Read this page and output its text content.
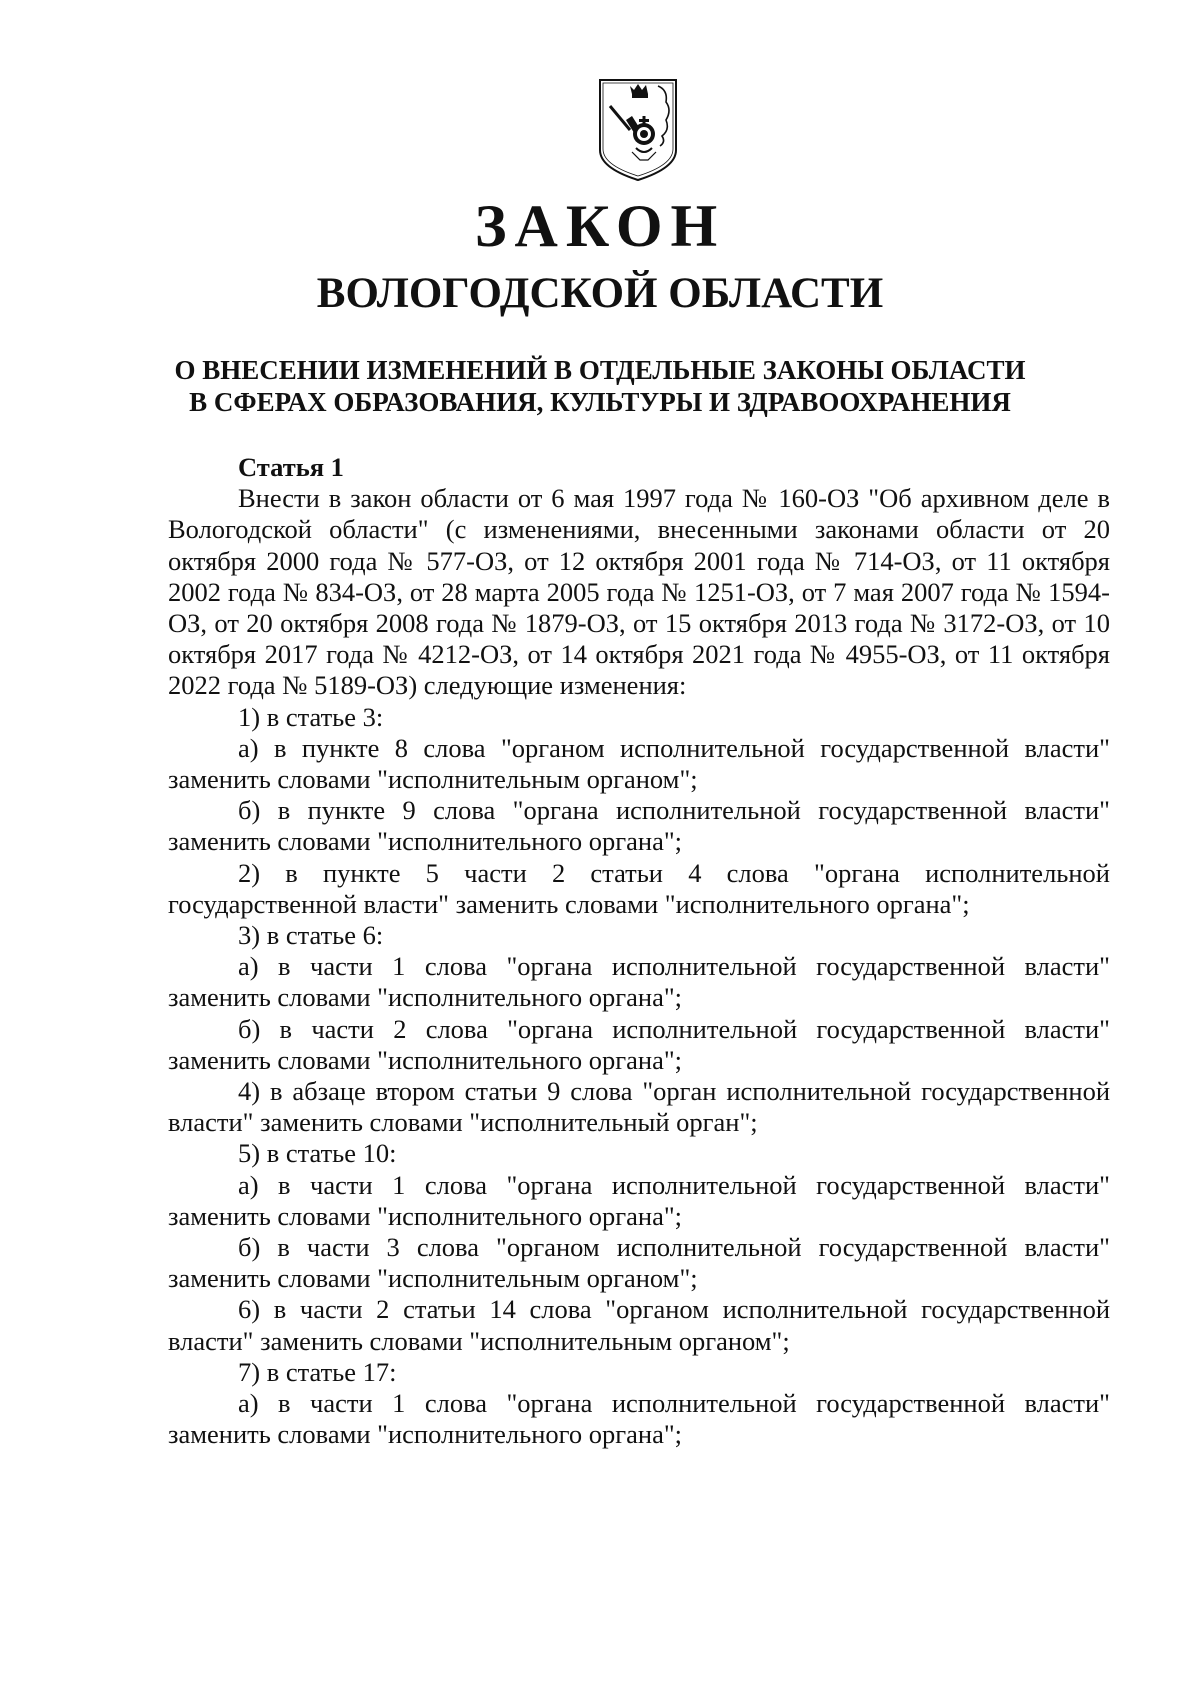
ЗАКОН
ВОЛОГОДСКОЙ ОБЛАСТИ
О ВНЕСЕНИИ ИЗМЕНЕНИЙ В ОТДЕЛЬНЫЕ ЗАКОНЫ ОБЛАСТИ
В СФЕРАХ ОБРАЗОВАНИЯ, КУЛЬТУРЫ И ЗДРАВООХРАНЕНИЯ

Статья 1

Внести в закон области от 6 мая 1997 года № 160-ОЗ "Об архивном деле в Вологодской области" (с изменениями, внесенными законами области от 20 октября 2000 года № 577-ОЗ, от 12 октября 2001 года № 714-ОЗ, от 11 октября 2002 года № 834-ОЗ, от 28 марта 2005 года № 1251-ОЗ, от 7 мая 2007 года № 1594-ОЗ, от 20 октября 2008 года № 1879-ОЗ, от 15 октября 2013 года № 3172-ОЗ, от 10 октября 2017 года № 4212-ОЗ, от 14 октября 2021 года № 4955-ОЗ, от 11 октября 2022 года № 5189-ОЗ) следующие изменения:

1) в статье 3:

а) в пункте 8 слова "органом исполнительной государственной власти" заменить словами "исполнительным органом";

б) в пункте 9 слова "органа исполнительной государственной власти" заменить словами "исполнительного органа";

2) в пункте 5 части 2 статьи 4 слова "органа исполнительной государственной власти" заменить словами "исполнительного органа";

3) в статье 6:

а) в части 1 слова "органа исполнительной государственной власти" заменить словами "исполнительного органа";

б) в части 2 слова "органа исполнительной государственной власти" заменить словами "исполнительного органа";

4) в абзаце втором статьи 9 слова "орган исполнительной государственной власти" заменить словами "исполнительный орган";

5) в статье 10:

а) в части 1 слова "органа исполнительной государственной власти" заменить словами "исполнительного органа";

б) в части 3 слова "органом исполнительной государственной власти" заменить словами "исполнительным органом";

6) в части 2 статьи 14 слова "органом исполнительной государственной власти" заменить словами "исполнительным органом";

7) в статье 17:

а) в части 1 слова "органа исполнительной государственной власти" заменить словами "исполнительного органа";
